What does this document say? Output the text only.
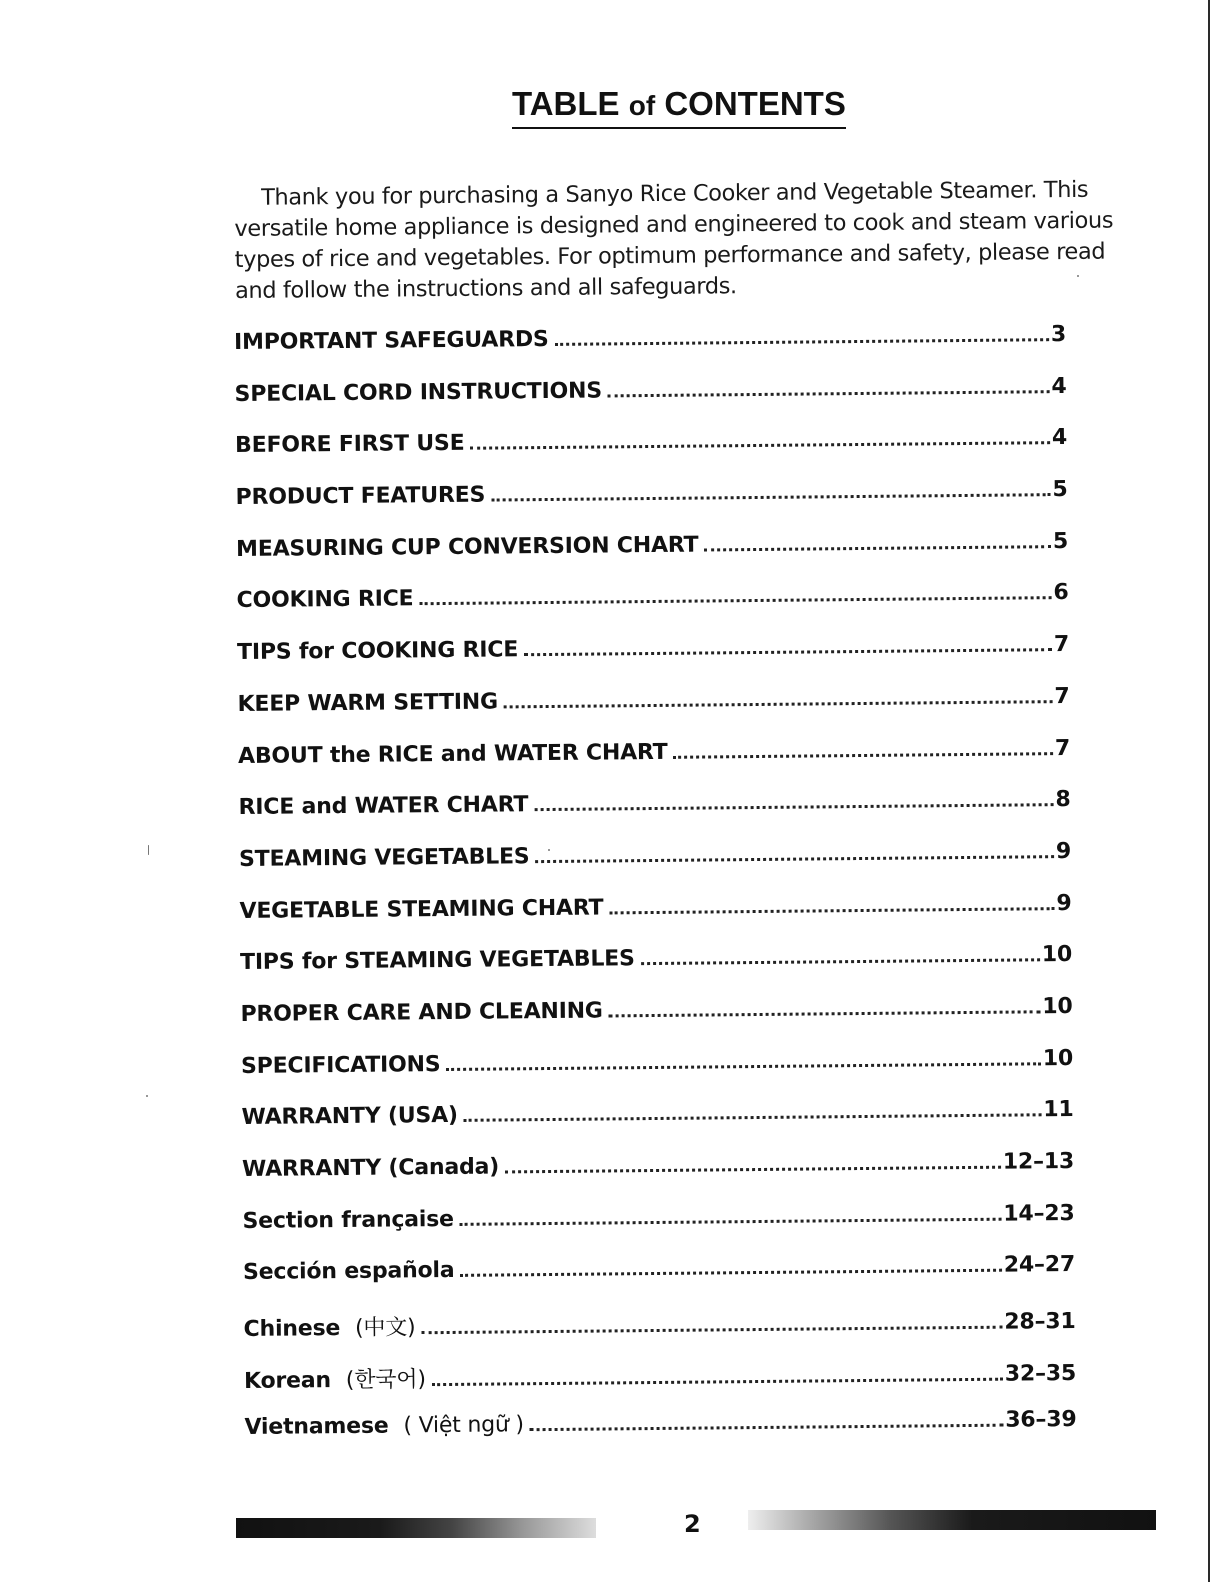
TABLE of CONTENTS

Thank you for purchasing a Sanyo Rice Cooker and Vegetable Steamer. This versatile home appliance is designed and engineered to cook and steam various types of rice and vegetables. For optimum performance and safety, please read and follow the instructions and all safeguards.

IMPORTANT SAFEGUARDS	3
SPECIAL CORD INSTRUCTIONS	4
BEFORE FIRST USE	4
PRODUCT FEATURES	5
MEASURING CUP CONVERSION CHART	5
COOKING RICE	6
TIPS for COOKING RICE	7
KEEP WARM SETTING	7
ABOUT the RICE and WATER CHART	7
RICE and WATER CHART	8
STEAMING VEGETABLES	9
VEGETABLE STEAMING CHART	9
TIPS for STEAMING VEGETABLES	10
PROPER CARE AND CLEANING	10
SPECIFICATIONS	10
WARRANTY (USA)	11
WARRANTY (Canada)	12–13
Section française	14–23
Sección española	24–27
Chinese (中文)	28–31
Korean (한국어)	32–35
Vietnamese ( Việt ngữ )	36–39
2
